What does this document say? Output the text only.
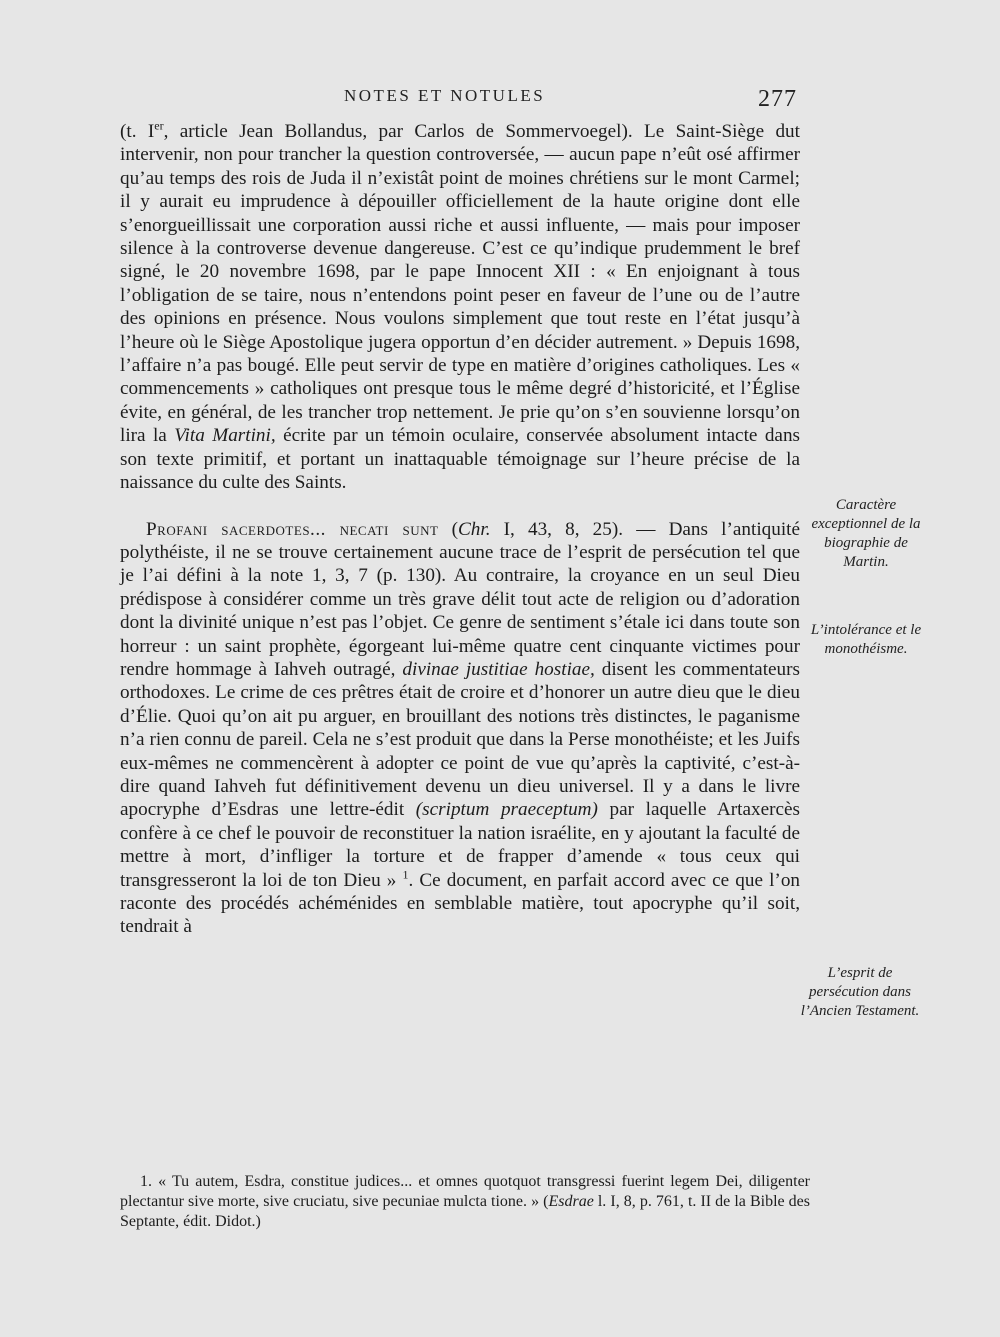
NOTES ET NOTULES	277

(t. Ier, article Jean Bollandus, par Carlos de Sommervoegel). Le Saint-Siège dut intervenir, non pour trancher la question controversée, — aucun pape n’eût osé affirmer qu’au temps des rois de Juda il n’existât point de moines chrétiens sur le mont Carmel; il y aurait eu imprudence à dépouiller officiellement de la haute origine dont elle s’enorgueillissait une corporation aussi riche et aussi influente, — mais pour imposer silence à la controverse devenue dangereuse. C’est ce qu’indique prudemment le bref signé, le 20 novembre 1698, par le pape Innocent XII : « En enjoignant à tous l’obligation de se taire, nous n’entendons point peser en faveur de l’une ou de l’autre des opinions en présence. Nous voulons simplement que tout reste en l’état jusqu’à l’heure où le Siège Apostolique jugera opportun d’en décider autrement. » Depuis 1698, l’affaire n’a pas bougé. Elle peut servir de type en matière d’origines catholiques. Les « commencements » catholiques ont presque tous le même degré d’historicité, et l’Église évite, en général, de les trancher trop nettement. Je prie qu’on s’en souvienne lorsqu’on lira la Vita Martini, écrite par un témoin oculaire, conservée absolument intacte dans son texte primitif, et portant un inattaquable témoignage sur l’heure précise de la naissance du culte des Saints.

Profani sacerdotes... necati sunt (Chr. I, 43, 8, 25). — Dans l’antiquité polythéiste, il ne se trouve certainement aucune trace de l’esprit de persécution tel que je l’ai défini à la note 1, 3, 7 (p. 130). Au contraire, la croyance en un seul Dieu prédispose à considérer comme un très grave délit tout acte de religion ou d’adoration dont la divinité unique n’est pas l’objet. Ce genre de sentiment s’étale ici dans toute son horreur : un saint prophète, égorgeant lui-même quatre cent cinquante victimes pour rendre hommage à Iahveh outragé, divinae justitiae hostiae, disent les commentateurs orthodoxes. Le crime de ces prêtres était de croire et d’honorer un autre dieu que le dieu d’Élie. Quoi qu’on ait pu arguer, en brouillant des notions très distinctes, le paganisme n’a rien connu de pareil. Cela ne s’est produit que dans la Perse monothéiste; et les Juifs eux-mêmes ne commencèrent à adopter ce point de vue qu’après la captivité, c’est-à-dire quand Iahveh fut définitivement devenu un dieu universel. Il y a dans le livre apocryphe d’Esdras une lettre-édit (scriptum praeceptum) par laquelle Artaxercès confère à ce chef le pouvoir de reconstituer la nation israélite, en y ajoutant la faculté de mettre à mort, d’infliger la torture et de frapper d’amende « tous ceux qui transgresseront la loi de ton Dieu » $^1$. Ce document, en parfait accord avec ce que l’on raconte des procédés achéménides en semblable matière, tout apocryphe qu’il soit, tendrait à

Caractère exceptionnel de la biographie de Martin.
L’intolérance et le monothéisme.
L’esprit de persécution dans l’Ancien Testament.

1. « Tu autem, Esdra, constitue judices... et omnes quotquot transgressi fuerint legem Dei, diligenter plectantur sive morte, sive cruciatu, sive pecuniae mulcta tione. » (Esdrae l. I, 8, p. 761, t. II de la Bible des Septante, édit. Didot.)
